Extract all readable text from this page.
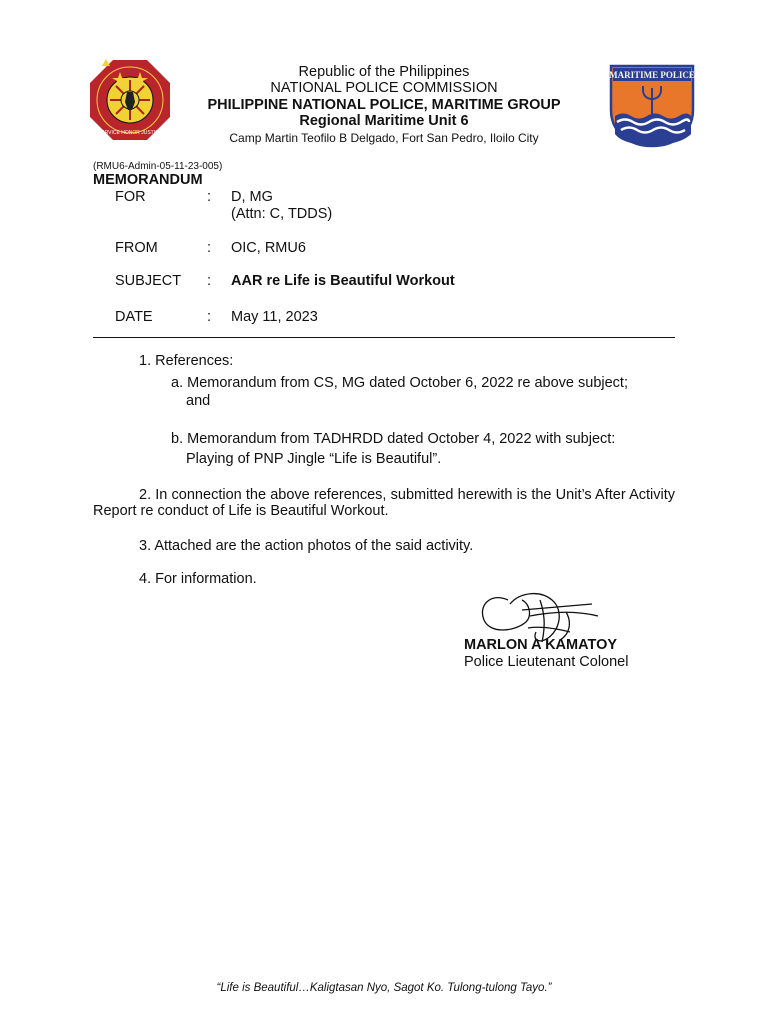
SERVICE HONOR JUSTICE
MARITIME POLICE
Republic of the Philippines
NATIONAL POLICE COMMISSION
PHILIPPINE NATIONAL POLICE, MARITIME GROUP
Regional Maritime Unit 6
Camp Martin Teofilo B Delgado, Fort San Pedro, Iloilo City
(RMU6-Admin-05-11-23-005)
MEMORANDUM
FOR	: D, MG
(Attn: C, TDDS)
FROM	: OIC, RMU6
SUBJECT : AAR re Life is Beautiful Workout
DATE	: May 11, 2023
1. References:
a. Memorandum from CS, MG dated October 6, 2022 re above subject;
and
b. Memorandum from TADHRDD dated October 4, 2022 with subject:
Playing of PNP Jingle “Life is Beautiful”.
2. In connection the above references, submitted herewith is the Unit’s After Activity Report re conduct of Life is Beautiful Workout.
3. Attached are the action photos of the said activity.
4. For information.
MARLON A KAMATOY
Police Lieutenant Colonel
“Life is Beautiful…Kaligtasan Nyo, Sagot Ko. Tulong-tulong Tayo.”
